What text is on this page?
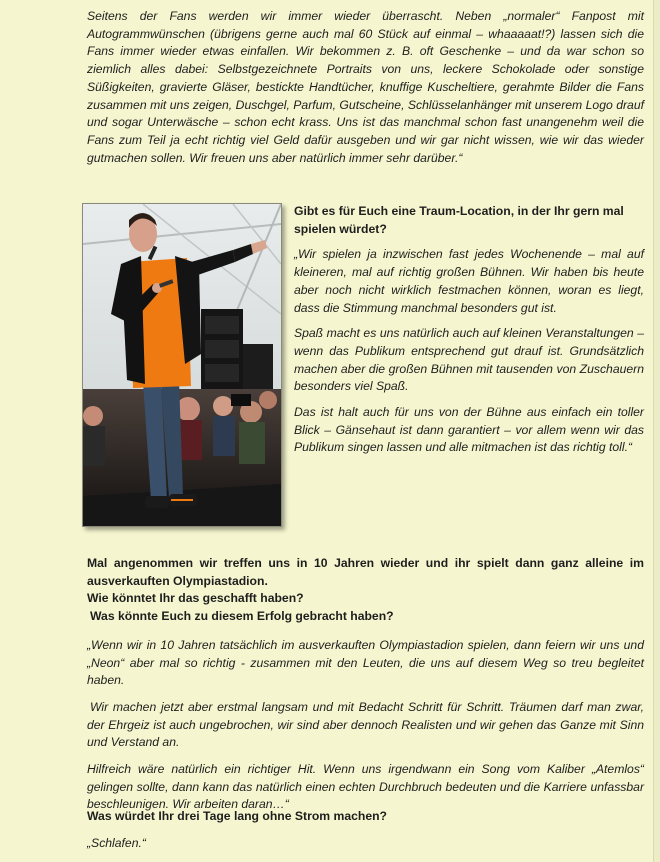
Seitens der Fans werden wir immer wieder überrascht. Neben „normaler“ Fanpost mit Autogrammwünschen (übrigens gerne auch mal 60 Stück auf einmal – whaaaaat!?) lassen sich die Fans immer wieder etwas einfallen. Wir bekommen z. B. oft Geschenke – und da war schon so ziemlich alles dabei: Selbstgezeichnete Portraits von uns, leckere Schokolade oder sonstige Süßigkeiten, gravierte Gläser, bestickte Handtücher, knuffige Kuscheltiere, gerahmte Bilder die Fans zusammen mit uns zeigen, Duschgel, Parfum, Gutscheine, Schlüsselanhänger mit unserem Logo drauf und sogar Unterwäsche – schon echt krass. Uns ist das manchmal schon fast unangenehm weil die Fans zum Teil ja echt richtig viel Geld dafür ausgeben und wir gar nicht wissen, wie wir das wieder gutmachen sollen. Wir freuen uns aber natürlich immer sehr darüber.“

Gibt es für Euch eine Traum-Location, in der Ihr gern mal spielen würdet?

„Wir spielen ja inzwischen fast jedes Wochenende – mal auf kleineren, mal auf richtig großen Bühnen. Wir haben bis heute aber noch nicht wirklich festmachen können, woran es liegt, dass die Stimmung manchmal besonders gut ist.

Spaß macht es uns natürlich auch auf kleinen Veranstaltungen – wenn das Publikum entsprechend gut drauf ist. Grundsätzlich machen aber die großen Bühnen mit tausenden von Zuschauern besonders viel Spaß.

Das ist halt auch für uns von der Bühne aus einfach ein toller Blick – Gänsehaut ist dann garantiert – vor allem wenn wir das Publikum singen lassen und alle mitmachen ist das richtig toll.“

Mal angenommen wir treffen uns in 10 Jahren wieder und ihr spielt dann ganz alleine im ausverkauften Olympiastadion.

Wie könntet Ihr das geschafft haben?

Was könnte Euch zu diesem Erfolg gebracht haben?

„Wenn wir in 10 Jahren tatsächlich im ausverkauften Olympiastadion spielen, dann feiern wir uns und „Neon“ aber mal so richtig - zusammen mit den Leuten, die uns auf diesem Weg so treu begleitet haben.

Wir machen jetzt aber erstmal langsam und mit Bedacht Schritt für Schritt. Träumen darf man zwar, der Ehrgeiz ist auch ungebrochen, wir sind aber dennoch Realisten und wir gehen das Ganze mit Sinn und Verstand an.

Hilfreich wäre natürlich ein richtiger Hit. Wenn uns irgendwann ein Song vom Kaliber „Atemlos“ gelingen sollte, dann kann das natürlich einen echten Durchbruch bedeuten und die Karriere unfassbar beschleunigen. Wir arbeiten daran…“

Was würdet Ihr drei Tage lang ohne Strom machen?

„Schlafen.“
